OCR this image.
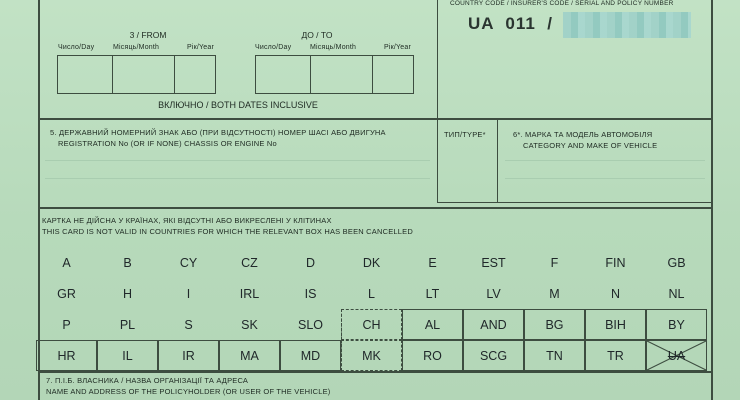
3 / FROM	ДО / TO
Число/Day	Місяць/Month	Рік/Year	Число/Day	Місяць/Month	Рік/Year
ВКЛЮЧНО / BOTH DATES INCLUSIVE
COUNTRY CODE / INSURER'S CODE / SERIAL AND POLICY NUMBER
UA  011  /
5. ДЕРЖАВНИЙ НОМЕРНИЙ ЗНАК АБО (ПРИ ВІДСУТНОСТІ) НОМЕР ШАСІ АБО ДВИГУНА
REGISTRATION No (OR IF NONE) CHASSIS OR ENGINE No
ТИП/TYPE*	6*. МАРКА ТА МОДЕЛЬ АВТОМОБІЛЯ
CATEGORY AND MAKE OF VEHICLE
КАРТКА НЕ ДІЙСНА У КРАЇНАХ, ЯКІ ВІДСУТНІ АБО ВИКРЕСЛЕНІ У КЛІТИНАХ
THIS CARD IS NOT VALID IN COUNTRIES FOR WHICH THE RELEVANT BOX HAS BEEN CANCELLED
A	B	CY	CZ	D	DK	E	EST	F	FIN	GB
GR	H	I	IRL	IS	L	LT	LV	M	N	NL
P	PL	S	SK	SLO	CH	AL	AND	BG	BIH	BY
HR	IL	IR	MA	MD	MK	RO	SCG	TN	TR	UA
7. П.І.Б. ВЛАСНИКА / НАЗВА ОРГАНІЗАЦІЇ ТА АДРЕСА
NAME AND ADDRESS OF THE POLICYHOLDER (OR USER OF THE VEHICLE)
